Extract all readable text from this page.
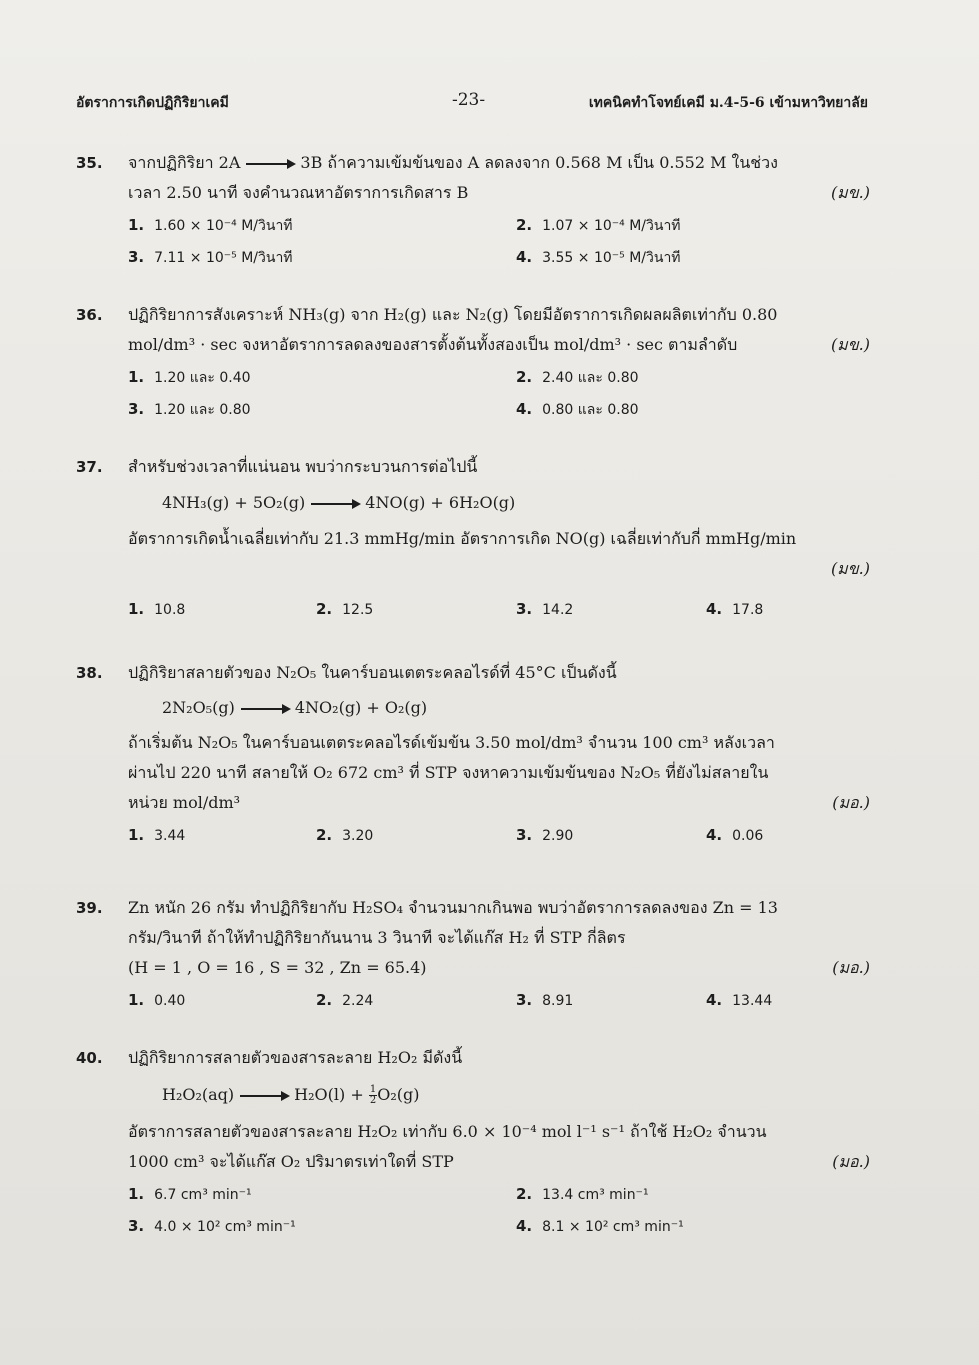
อัตราการเกิดปฏิกิริยาเคมี	-23-	เทคนิคทำโจทย์เคมี ม.4-5-6 เข้ามหาวิทยาลัย
35. จากปฏิกิริยา 2A → 3B ถ้าความเข้มข้นของ A ลดลงจาก 0.568 M เป็น 0.552 M ในช่วง
เวลา 2.50 นาที จงคำนวณหาอัตราการเกิดสาร B	(มข.)
1. 1.60 × 10⁻⁴ M/วินาที	2. 1.07 × 10⁻⁴ M/วินาที
3. 7.11 × 10⁻⁵ M/วินาที	4. 3.55 × 10⁻⁵ M/วินาที
36. ปฏิกิริยาการสังเคราะห์ NH₃(g) จาก H₂(g) และ N₂(g) โดยมีอัตราการเกิดผลผลิตเท่ากับ 0.80
mol/dm³ · sec จงหาอัตราการลดลงของสารตั้งต้นทั้งสองเป็น mol/dm³ · sec ตามลำดับ	(มข.)
1. 1.20 และ 0.40	2. 2.40 และ 0.80
3. 1.20 และ 0.80	4. 0.80 และ 0.80
37. สำหรับช่วงเวลาที่แน่นอน พบว่ากระบวนการต่อไปนี้
4NH₃(g) + 5O₂(g) → 4NO(g) + 6H₂O(g)
อัตราการเกิดน้ำเฉลี่ยเท่ากับ 21.3 mmHg/min อัตราการเกิด NO(g) เฉลี่ยเท่ากับกี่ mmHg/min
(มข.)
1. 10.8	2. 12.5	3. 14.2	4. 17.8
38. ปฏิกิริยาสลายตัวของ N₂O₅ ในคาร์บอนเตตระคลอไรด์ที่ 45°C เป็นดังนี้
2N₂O₅(g) → 4NO₂(g) + O₂(g)
ถ้าเริ่มต้น N₂O₅ ในคาร์บอนเตตระคลอไรด์เข้มข้น 3.50 mol/dm³ จำนวน 100 cm³ หลังเวลา
ผ่านไป 220 นาที สลายให้ O₂ 672 cm³ ที่ STP จงหาความเข้มข้นของ N₂O₅ ที่ยังไม่สลายใน
หน่วย mol/dm³	(มอ.)
1. 3.44	2. 3.20	3. 2.90	4. 0.06
39. Zn หนัก 26 กรัม ทำปฏิกิริยากับ H₂SO₄ จำนวนมากเกินพอ พบว่าอัตราการลดลงของ Zn = 13
กรัม/วินาที ถ้าให้ทำปฏิกิริยากันนาน 3 วินาที จะได้แก๊ส H₂ ที่ STP กี่ลิตร
(H = 1 , O = 16 , S = 32 , Zn = 65.4)	(มอ.)
1. 0.40	2. 2.24	3. 8.91	4. 13.44
40. ปฏิกิริยาการสลายตัวของสารละลาย H₂O₂ มีดังนี้
$H_2O_2(aq) \to H_2O(l) + \frac{1}{2} O_2(g)$
อัตราการสลายตัวของสารละลาย H₂O₂ เท่ากับ 6.0 × 10⁻⁴ mol l⁻¹ s⁻¹ ถ้าใช้ H₂O₂ จำนวน
1000 cm³ จะได้แก๊ส O₂ ปริมาตรเท่าใดที่ STP	(มอ.)
1. 6.7 cm³ min⁻¹	2. 13.4 cm³ min⁻¹
3. 4.0 × 10² cm³ min⁻¹	4. 8.1 × 10² cm³ min⁻¹
